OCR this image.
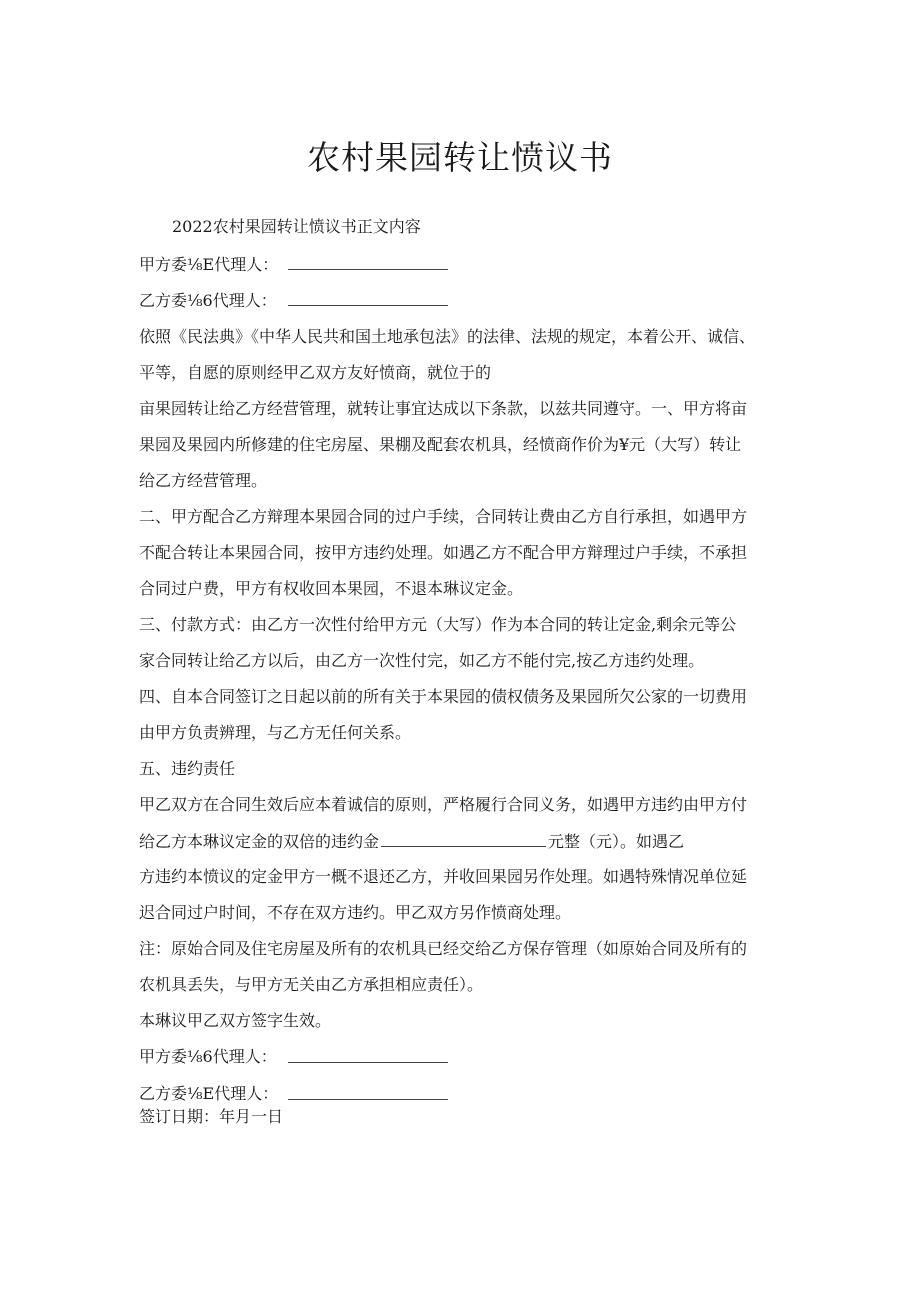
农村果园转让愤议书
2022农村果园转让愤议书正文内容
甲方委⅛E代理人：
乙方委⅛6代理人：
依照《民法典》《中华人民共和国土地承包法》的法律、法规的规定，本着公开、诚信、
平等，自愿的原则经甲乙双方友好愤商，就位于的
亩果园转让给乙方经营管理，就转让事宜达成以下条款，以兹共同遵守。一、甲方将亩
果园及果园内所修建的住宅房屋、果棚及配套农机具，经愤商作价为¥元（大写）转让
给乙方经营管理。
二、甲方配合乙方辩理本果园合同的过户手续，合同转让费由乙方自行承担，如遇甲方
不配合转让本果园合同，按甲方违约处理。如遇乙方不配合甲方辩理过户手续，不承担
合同过户费，甲方有权收回本果园，不退本琳议定金。
三、付款方式：由乙方一次性付给甲方元（大写）作为本合同的转让定金,剩余元等公
家合同转让给乙方以后，由乙方一次性付完，如乙方不能付完,按乙方违约处理。
四、自本合同签订之日起以前的所有关于本果园的债权债务及果园所欠公家的一切费用
由甲方负责辨理，与乙方无任何关系。
五、违约责任
甲乙双方在合同生效后应本着诚信的原则，严格履行合同义务，如遇甲方违约由甲方付
给乙方本琳议定金的双倍的违约金	元整（元）。如遇乙
方违约本愤议的定金甲方一概不退还乙方，并收回果园另作处理。如遇特殊情况单位延
迟合同过户时间，不存在双方违约。甲乙双方另作愤商处理。
注：原始合同及住宅房屋及所有的农机具已经交给乙方保存管理（如原始合同及所有的
农机具丢失，与甲方无关由乙方承担相应责任）。
本琳议甲乙双方签字生效。
甲方委⅛6代理人：
乙方委⅛E代理人：
签订日期：年月一日
